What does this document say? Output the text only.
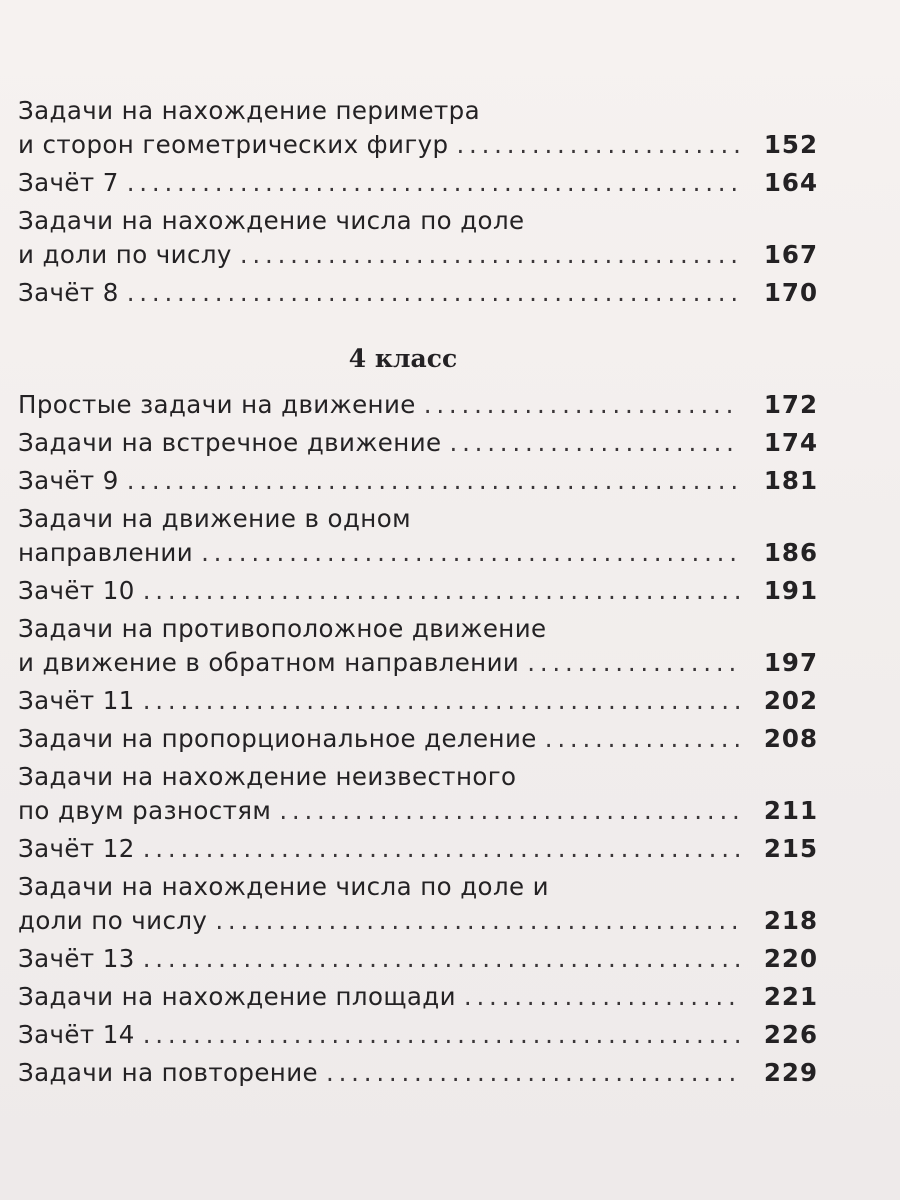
Задачи на нахождение периметра
и сторон геометрических фигур . . .	152
Зачёт 7 . . .	164
Задачи на нахождение числа по доле
и доли по числу . . .	167
Зачёт 8 . . .	170
4 класс
Простые задачи на движение . . .	172
Задачи на встречное движение . . .	174
Зачёт 9 . . .	181
Задачи на движение в одном
направлении . . .	186
Зачёт 10 . . .	191
Задачи на противоположное движение
и движение в обратном направлении . . .	197
Зачёт 11 . . .	202
Задачи на пропорциональное деление . . .	208
Задачи на нахождение неизвестного
по двум разностям . . .	211
Зачёт 12 . . .	215
Задачи на нахождение числа по доле и
доли по числу . . .	218
Зачёт 13 . . .	220
Задачи на нахождение площади . . .	221
Зачёт 14 . . .	226
Задачи на повторение . . .	229
